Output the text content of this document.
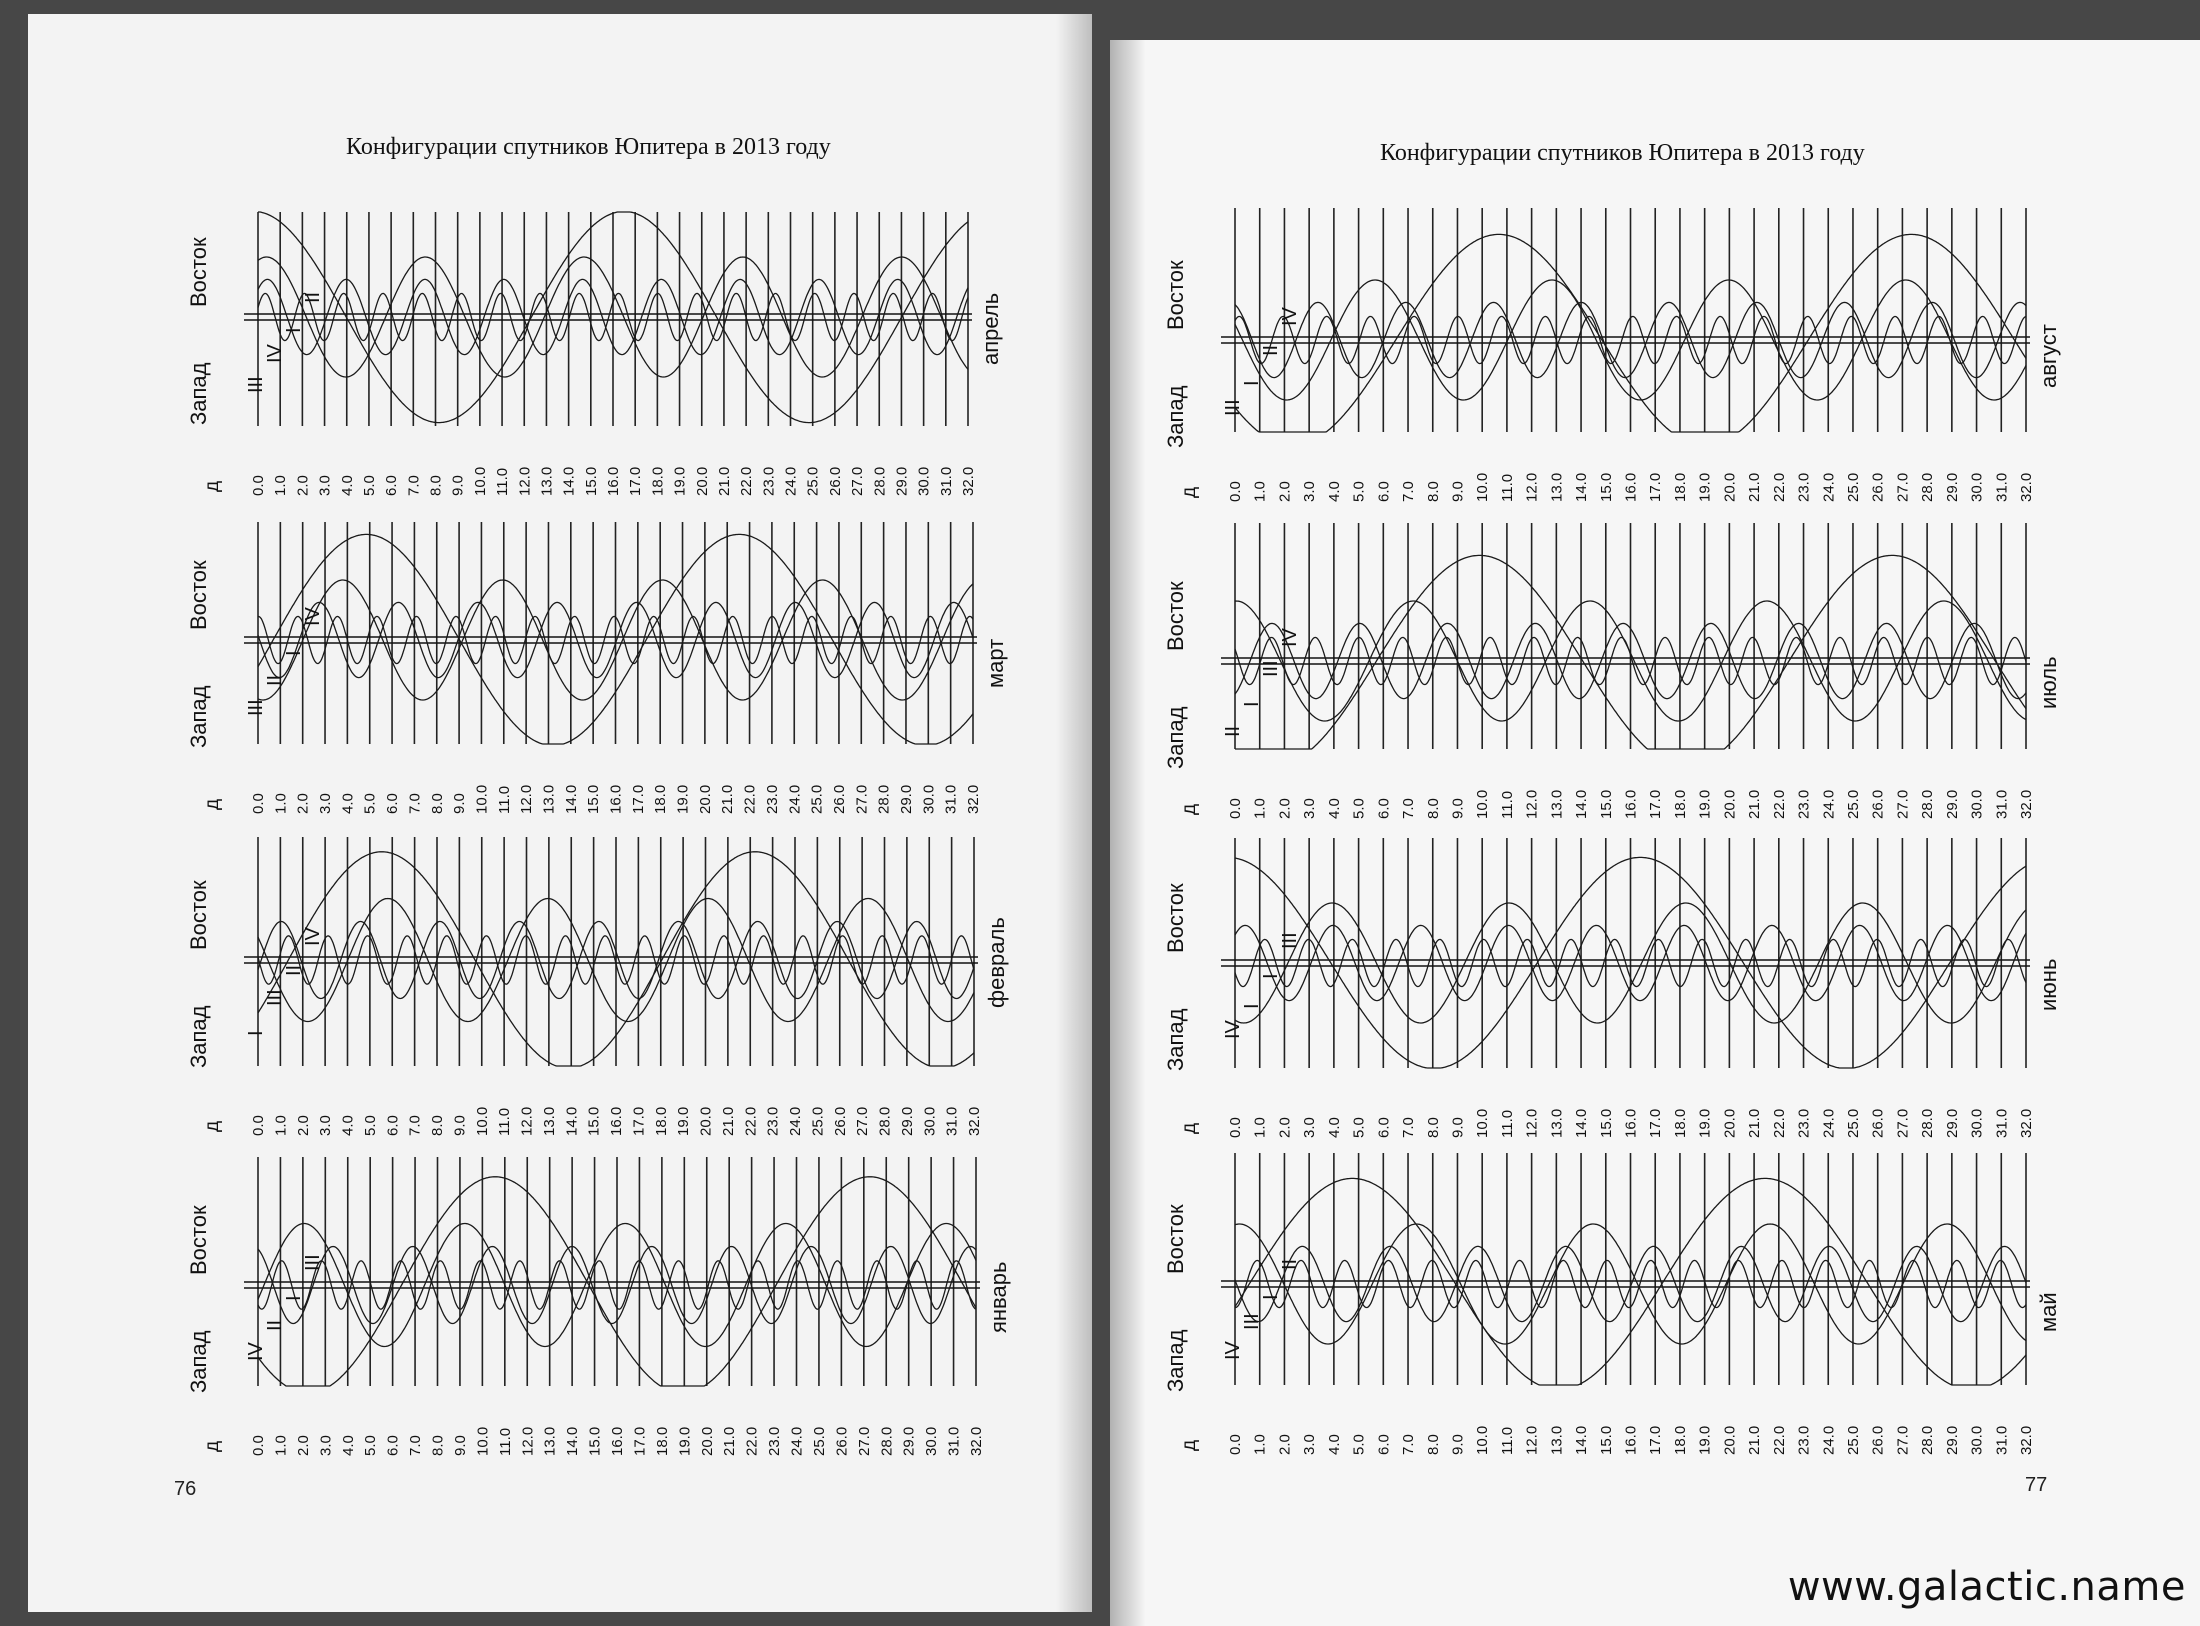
Конфигурации спутников Юпитера в 2013 году
76
0.0 1.0 2.0 3.0 4.0 5.0 6.0 7.0 8.0 9.0 10.0 11.0 12.0 13.0 14.0 15.0 16.0 17.0 18.0 19.0 20.0 21.0 22.0 23.0 24.0 25.0 26.0 27.0 28.0 29.0 30.0 31.0 32.0
д
Запад
Восток
III
IV
I
II	апрель
0.0 1.0 2.0 3.0 4.0 5.0 6.0 7.0 8.0 9.0 10.0 11.0 12.0 13.0 14.0 15.0 16.0 17.0 18.0 19.0 20.0 21.0 22.0 23.0 24.0 25.0 26.0 27.0 28.0 29.0 30.0 31.0 32.0
д
Запад
Восток
III
II
I
IV
март
0.0 1.0 2.0 3.0 4.0 5.0 6.0 7.0 8.0 9.0 10.0 11.0 12.0 13.0 14.0 15.0 16.0 17.0 18.0 19.0 20.0 21.0 22.0 23.0 24.0 25.0 26.0 27.0 28.0 29.0 30.0 31.0 32.0
д
Запад
Восток
I
III
II
IV	февраль
0.0 1.0 2.0 3.0 4.0 5.0 6.0 7.0 8.0 9.0 10.0 11.0 12.0 13.0 14.0 15.0 16.0 17.0 18.0 19.0 20.0 21.0 22.0 23.0 24.0 25.0 26.0 27.0 28.0 29.0 30.0 31.0 32.0
д
Запад
Восток
IV
II
I
III	январь
Конфигурации спутников Юпитера в 2013 году
77
0.0 1.0 2.0 3.0 4.0 5.0 6.0 7.0 8.0 9.0 10.0 11.0 12.0 13.0 14.0 15.0 16.0 17.0 18.0 19.0 20.0 21.0 22.0 23.0 24.0 25.0 26.0 27.0 28.0 29.0 30.0 31.0 32.0
д
Запад
Восток
III
I
II
IV
август
0.0 1.0 2.0 3.0 4.0 5.0 6.0 7.0 8.0 9.0 10.0 11.0 12.0 13.0 14.0 15.0 16.0 17.0 18.0 19.0 20.0 21.0 22.0 23.0 24.0 25.0 26.0 27.0 28.0 29.0 30.0 31.0 32.0
д
Запад
Восток
II
I
III
IV
июль
0.0 1.0 2.0 3.0 4.0 5.0 6.0 7.0 8.0 9.0 10.0 11.0 12.0 13.0 14.0 15.0 16.0 17.0 18.0 19.0 20.0 21.0 22.0 23.0 24.0 25.0 26.0 27.0 28.0 29.0 30.0 31.0 32.0
д
Запад
Восток
IV
I
I
III
июнь
0.0 1.0 2.0 3.0 4.0 5.0 6.0 7.0 8.0 9.0 10.0 11.0 12.0 13.0 14.0 15.0 16.0 17.0 18.0 19.0 20.0 21.0 22.0 23.0 24.0 25.0 26.0 27.0 28.0 29.0 30.0 31.0 32.0
д
Запад
Восток
IV
III
I
II
май
www.galactic.name
